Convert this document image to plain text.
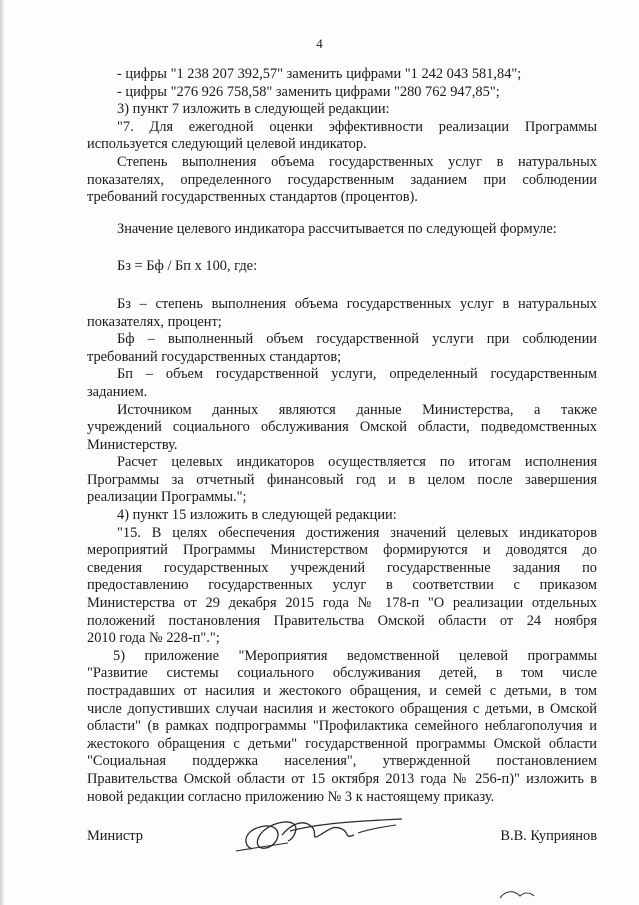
4
- цифры "1 238 207 392,57" заменить цифрами "1 242 043 581,84";
- цифры "276 926 758,58" заменить цифрами "280 762 947,85";
3) пункт 7 изложить в следующей редакции:
"7. Для ежегодной оценки эффективности реализации Программы
используется следующий целевой индикатор.
Степень выполнения объема государственных услуг в натуральных
показателях, определенного государственным заданием при соблюдении
требований государственных стандартов (процентов).
Значение целевого индикатора рассчитывается по следующей формуле:
Бз = Бф / Бп х 100, где:
Бз – степень выполнения объема государственных услуг в натуральных
показателях, процент;
Бф – выполненный объем государственной услуги при соблюдении
требований государственных стандартов;
Бп – объем государственной услуги, определенный государственным
заданием.
Источником данных являются данные Министерства, а также
учреждений социального обслуживания Омской области, подведомственных
Министерству.
Расчет целевых индикаторов осуществляется по итогам исполнения
Программы за отчетный финансовый год и в целом после завершения
реализации Программы.";
4) пункт 15 изложить в следующей редакции:
"15. В целях обеспечения достижения значений целевых индикаторов
мероприятий Программы Министерством формируются и доводятся до
сведения государственных учреждений государственные задания по
предоставлению государственных услуг в соответствии с приказом
Министерства от 29 декабря 2015 года № 178-п "О реализации отдельных
положений постановления Правительства Омской области от 24 ноября
2010 года № 228-п".";
5) приложение "Мероприятия ведомственной целевой программы
"Развитие системы социального обслуживания детей, в том числе
пострадавших от насилия и жестокого обращения, и семей с детьми, в том
числе допустивших случаи насилия и жестокого обращения с детьми, в Омской
области" (в рамках подпрограммы "Профилактика семейного неблагополучия и
жестокого обращения с детьми" государственной программы Омской области
"Социальная поддержка населения", утвержденной постановлением
Правительства Омской области от 15 октября 2013 года № 256-п)" изложить в
новой редакции согласно приложению № 3 к настоящему приказу.
Министр	В.В. Куприянов
